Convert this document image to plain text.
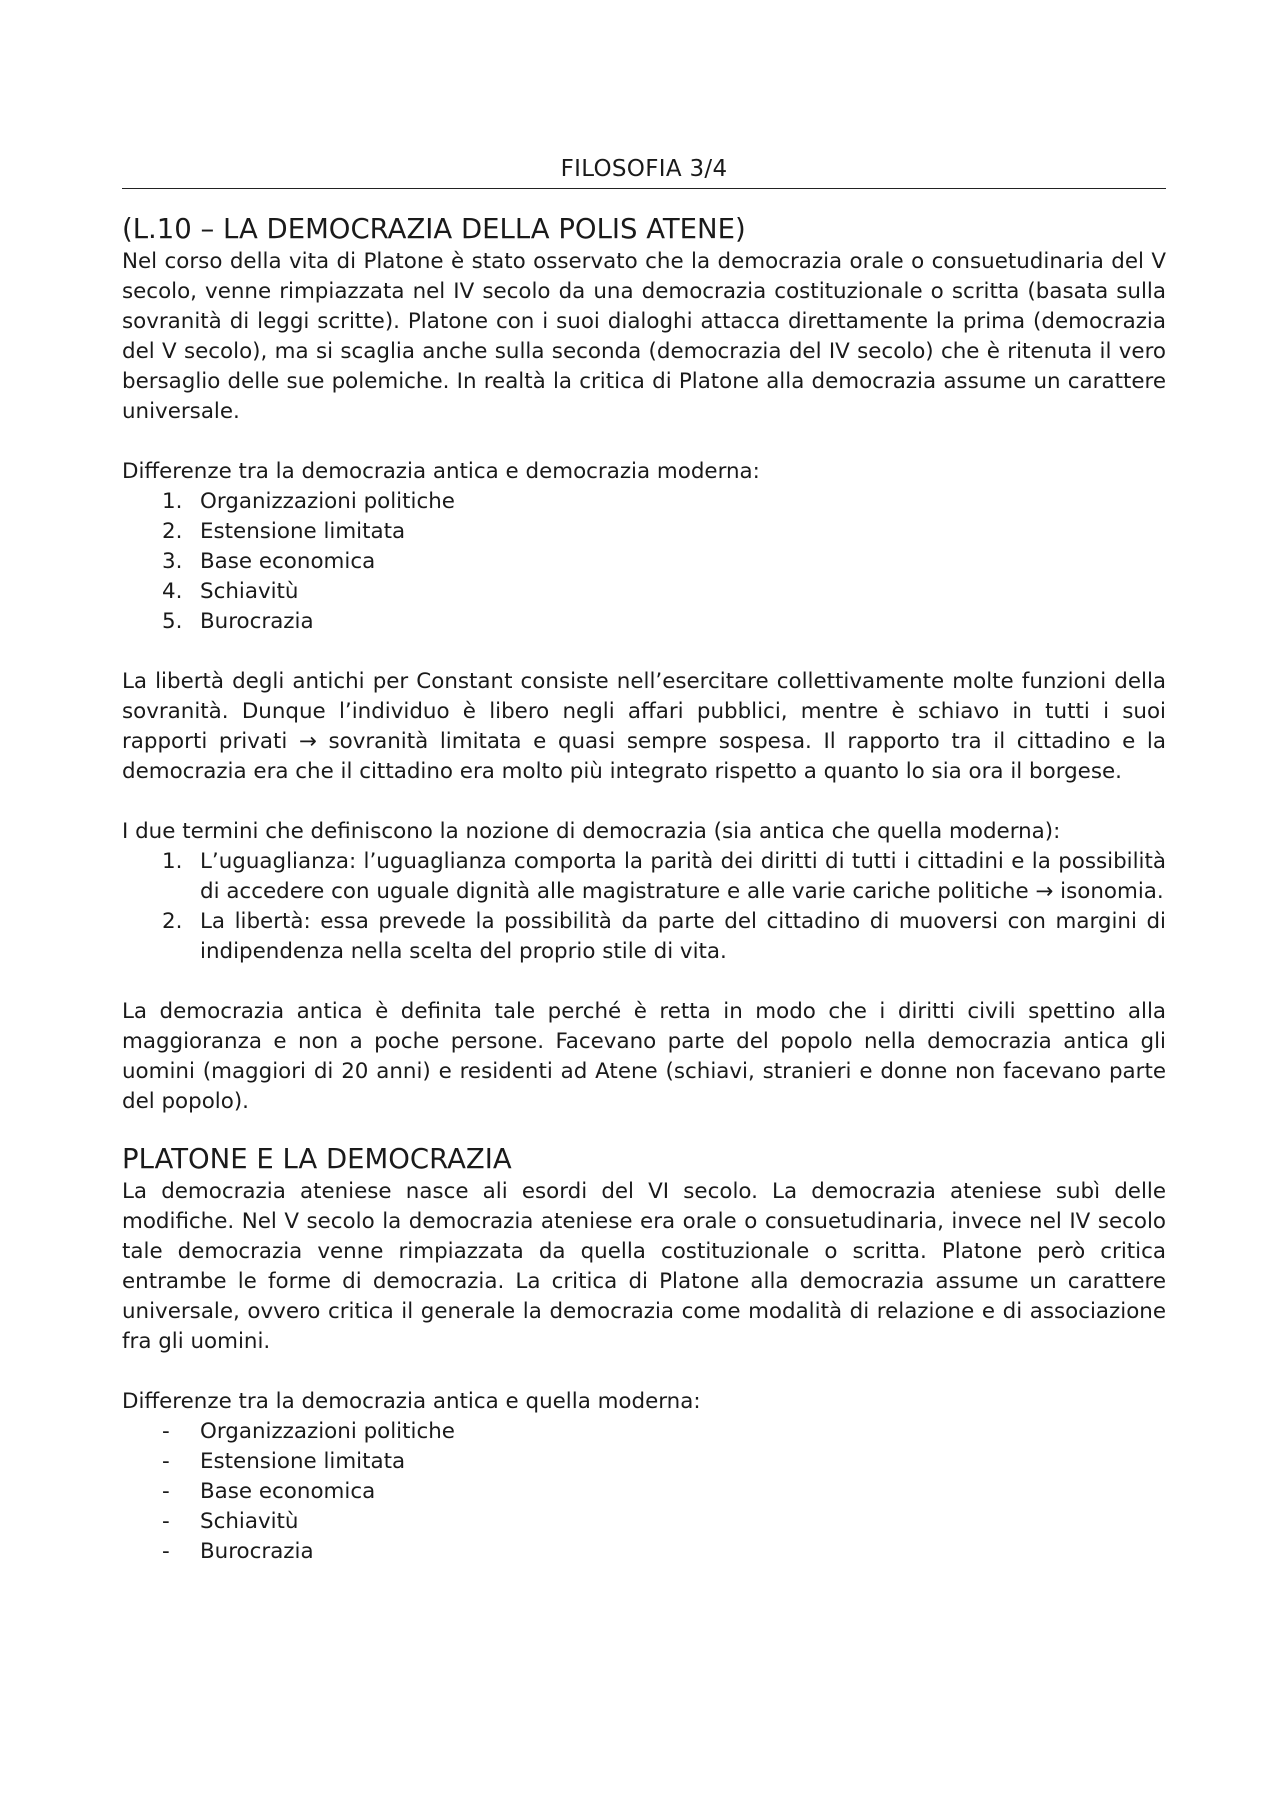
FILOSOFIA 3/4
(L.10 – LA DEMOCRAZIA DELLA POLIS ATENE)

Nel corso della vita di Platone è stato osservato che la democrazia orale o consuetudinaria del V secolo, venne rimpiazzata nel IV secolo da una democrazia costituzionale o scritta (basata sulla sovranità di leggi scritte). Platone con i suoi dialoghi attacca direttamente la prima (democrazia del V secolo), ma si scaglia anche sulla seconda (democrazia del IV secolo) che è ritenuta il vero bersaglio delle sue polemiche. In realtà la critica di Platone alla democrazia assume un carattere universale.

Differenze tra la democrazia antica e democrazia moderna:

1. Organizzazioni politiche
2. Estensione limitata
3. Base economica
4. Schiavitù
5. Burocrazia

La libertà degli antichi per Constant consiste nell’esercitare collettivamente molte funzioni della sovranità. Dunque l’individuo è libero negli affari pubblici, mentre è schiavo in tutti i suoi rapporti privati → sovranità limitata e quasi sempre sospesa. Il rapporto tra il cittadino e la democrazia era che il cittadino era molto più integrato rispetto a quanto lo sia ora il borgese.

I due termini che definiscono la nozione di democrazia (sia antica che quella moderna):

1. L’uguaglianza: l’uguaglianza comporta la parità dei diritti di tutti i cittadini e la possibilità di accedere con uguale dignità alle magistrature e alle varie cariche politiche → isonomia.
2. La libertà: essa prevede la possibilità da parte del cittadino di muoversi con margini di indipendenza nella scelta del proprio stile di vita.

La democrazia antica è definita tale perché è retta in modo che i diritti civili spettino alla maggioranza e non a poche persone. Facevano parte del popolo nella democrazia antica gli uomini (maggiori di 20 anni) e residenti ad Atene (schiavi, stranieri e donne non facevano parte del popolo).

PLATONE E LA DEMOCRAZIA

La democrazia ateniese nasce ali esordi del VI secolo. La democrazia ateniese subì delle modifiche. Nel V secolo la democrazia ateniese era orale o consuetudinaria, invece nel IV secolo tale democrazia venne rimpiazzata da quella costituzionale o scritta. Platone però critica entrambe le forme di democrazia. La critica di Platone alla democrazia assume un carattere universale, ovvero critica il generale la democrazia come modalità di relazione e di associazione fra gli uomini.

Differenze tra la democrazia antica e quella moderna:

-	Organizzazioni politiche
-	Estensione limitata
-	Base economica
-	Schiavitù
-	Burocrazia
